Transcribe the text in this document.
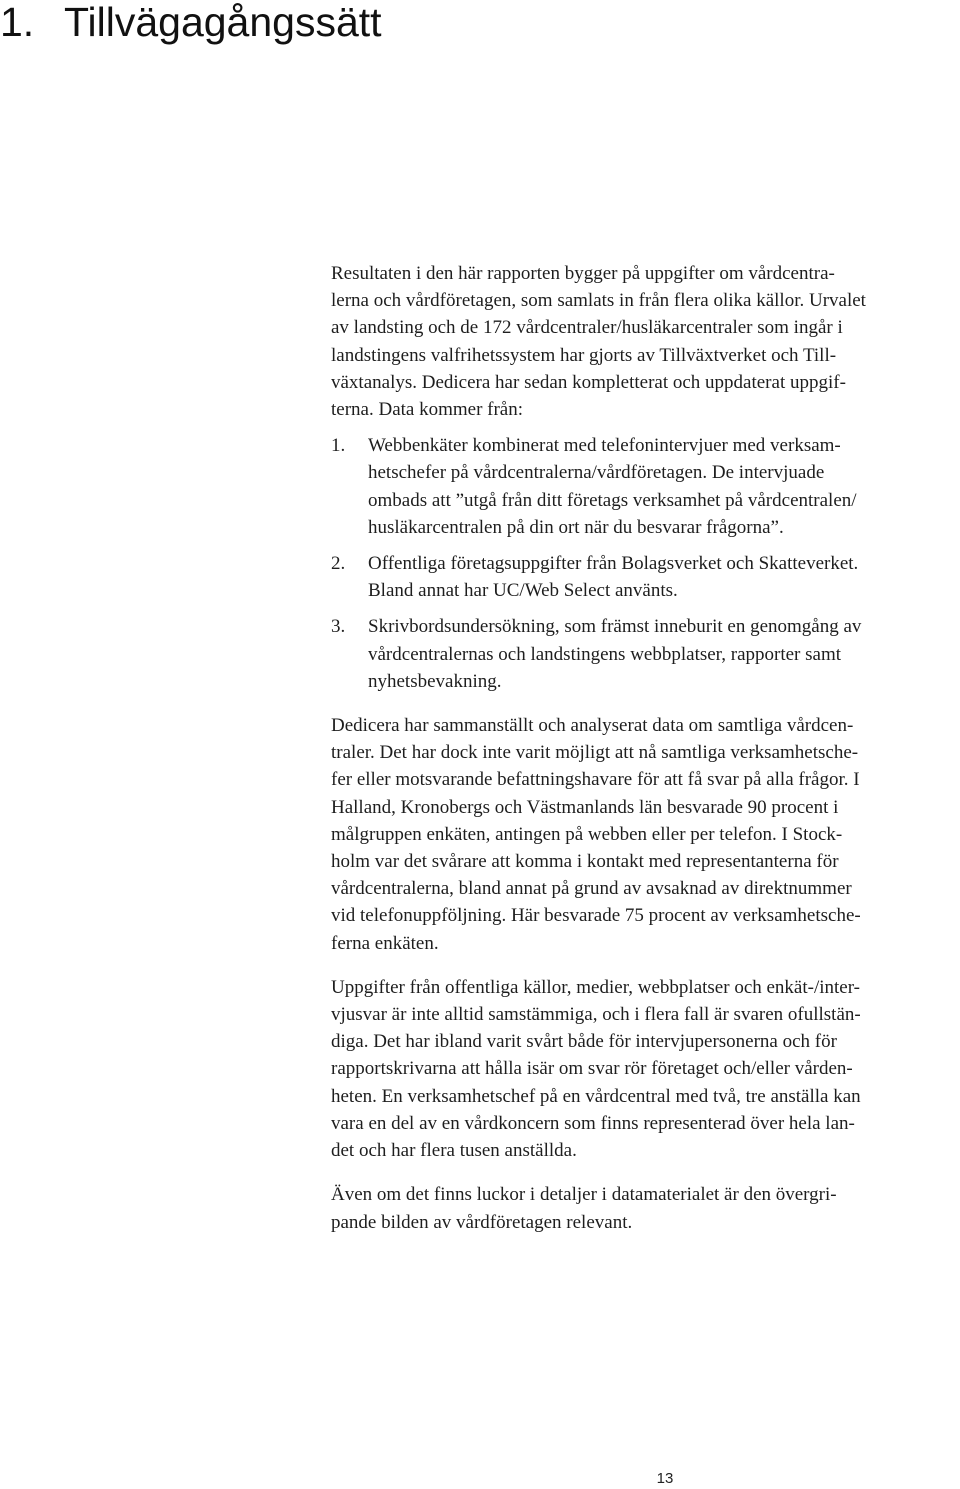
1. Tillvägagångssätt

Resultaten i den här rapporten bygger på uppgifter om vårdcentra-
lerna och vårdföretagen, som samlats in från flera olika källor. Urvalet
av landsting och de 172 vårdcentraler/husläkarcentraler som ingår i
landstingens valfrihetssystem har gjorts av Tillväxtverket och Till-
växtanalys. Dedicera har sedan kompletterat och uppdaterat uppgif-
terna. Data kommer från:

1. Webbenkäter kombinerat med telefonintervjuer med verksam-
hetschefer på vårdcentralerna/vårdföretagen. De intervjuade
ombads att ”utgå från ditt företags verksamhet på vårdcentralen/
husläkarcentralen på din ort när du besvarar frågorna”.
2. Offentliga företagsuppgifter från Bolagsverket och Skatteverket.
Bland annat har UC/Web Select använts.
3. Skrivbordsundersökning, som främst inneburit en genomgång av
vårdcentralernas och landstingens webbplatser, rapporter samt
nyhetsbevakning.

Dedicera har sammanställt och analyserat data om samtliga vårdcen-
traler. Det har dock inte varit möjligt att nå samtliga verksamhetsche-
fer eller motsvarande befattningshavare för att få svar på alla frågor. I
Halland, Kronobergs och Västmanlands län besvarade 90 procent i
målgruppen enkäten, antingen på webben eller per telefon. I Stock-
holm var det svårare att komma i kontakt med representanterna för
vårdcentralerna, bland annat på grund av avsaknad av direktnummer
vid telefonuppföljning. Här besvarade 75 procent av verksamhetsche-
ferna enkäten.

Uppgifter från offentliga källor, medier, webbplatser och enkät-/inter-
vjusvar är inte alltid samstämmiga, och i flera fall är svaren ofullstän-
diga. Det har ibland varit svårt både för intervjupersonerna och för
rapportskrivarna att hålla isär om svar rör företaget och/eller vården-
heten. En verksamhetschef på en vårdcentral med två, tre anställa kan
vara en del av en vårdkoncern som finns representerad över hela lan-
det och har flera tusen anställda.

Även om det finns luckor i detaljer i datamaterialet är den övergri-
pande bilden av vårdföretagen relevant.

13
